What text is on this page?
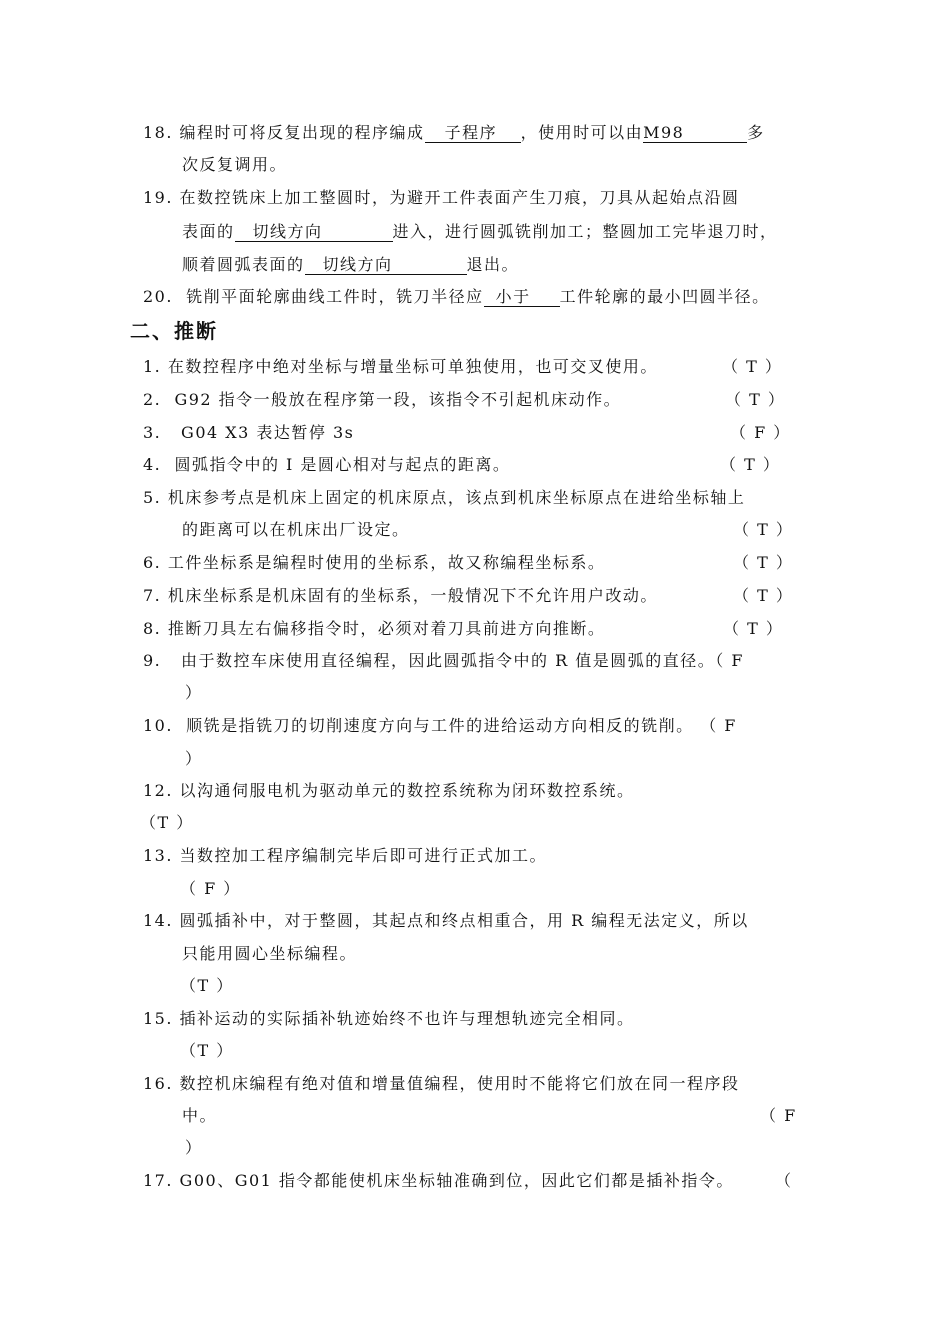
18. 编程时可将反复出现的程序编成 子程序 ，使用时可以由M98	多
次反复调用。
19. 在数控铣床上加工整圆时，为避开工件表面产生刀痕，刀具从起始点沿圆
表面的 切线方向	进入，进行圆弧铣削加工；整圆加工完毕退刀时，
顺着圆弧表面的 切线方向	退出。
20. 铣削平面轮廓曲线工件时，铣刀半径应 小于 工件轮廓的最小凹圆半径。
二、推断
1. 在数控程序中绝对坐标与增量坐标可单独使用，也可交叉使用。	（ T ）
2. G92 指令一般放在程序第一段，该指令不引起机床动作。	（ T ）
3. G04 X3 表达暂停 3s	（ F ）
4. 圆弧指令中的 I 是圆心相对与起点的距离。	（ T ）
5. 机床参考点是机床上固定的机床原点，该点到机床坐标原点在进给坐标轴上
的距离可以在机床出厂设定。	（ T ）
6. 工件坐标系是编程时使用的坐标系，故又称编程坐标系。	（ T ）
7. 机床坐标系是机床固有的坐标系，一般情况下不允许用户改动。	（ T ）
8. 推断刀具左右偏移指令时，必须对着刀具前进方向推断。	（ T ）
9. 由于数控车床使用直径编程，因此圆弧指令中的 R 值是圆弧的直径。（ F
）
10. 顺铣是指铣刀的切削速度方向与工件的进给运动方向相反的铣削。 （ F
）
12. 以沟通伺服电机为驱动单元的数控系统称为闭环数控系统。
（T ）
13. 当数控加工程序编制完毕后即可进行正式加工。
（ F ）
14. 圆弧插补中，对于整圆，其起点和终点相重合，用 R 编程无法定义，所以
只能用圆心坐标编程。
（T ）
15. 插补运动的实际插补轨迹始终不也许与理想轨迹完全相同。
（T ）
16. 数控机床编程有绝对值和增量值编程，使用时不能将它们放在同一程序段
中。	（ F
）
17. G00、G01 指令都能使机床坐标轴准确到位，因此它们都是插补指令。	（
